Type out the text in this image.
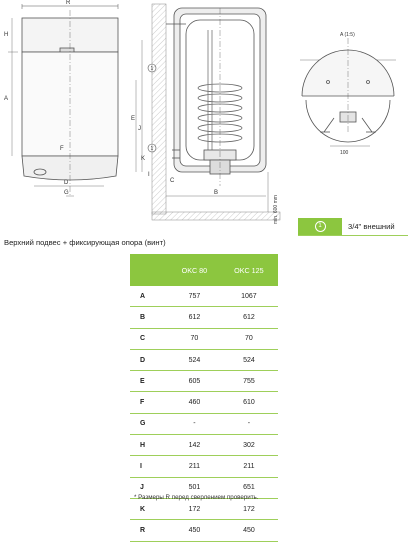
R
H
A
F
D
G
E
J
K
I
C
B
1
1
min. 600 mm
A (1:5)
100
Верхний подвес + фиксирующая опора (винт)
1	3/4" внешний
	OKC 80	OKC 125
A	757	1067
B	612	612
C	70	70
D	524	524
E	605	755
F	460	610
G	-	-
H	142	302
I	211	211
J	501	651
K	172	172
R	450	450
* Размеры R перед сверлением проверить.
